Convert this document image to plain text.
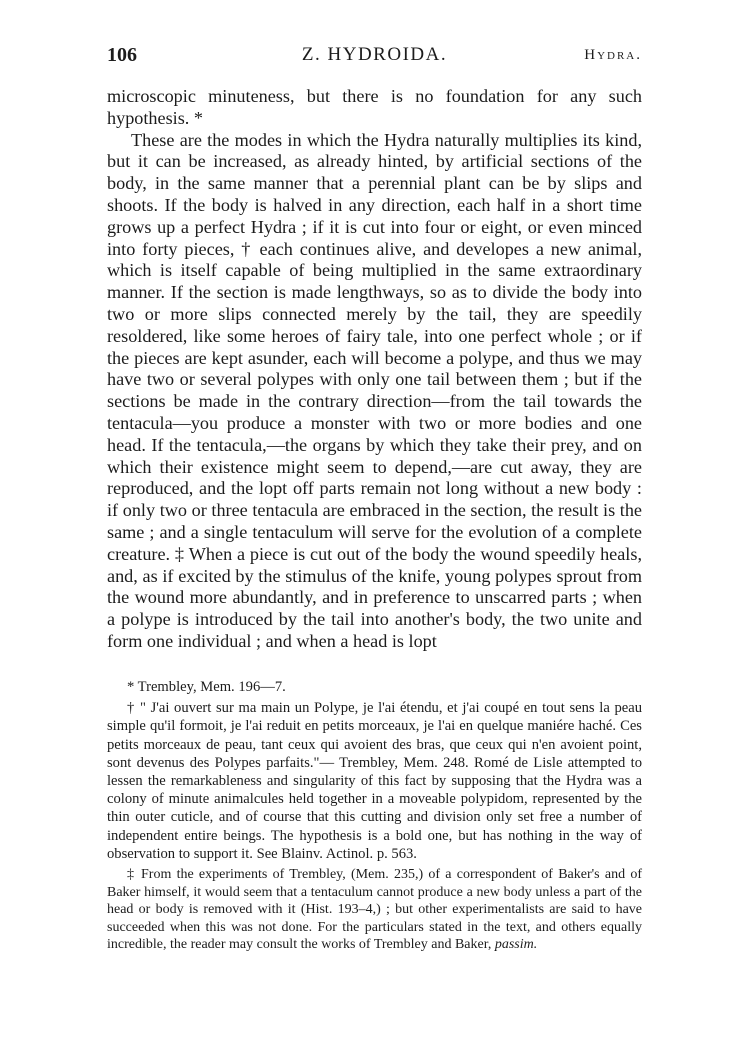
106	Z. HYDROIDA.	Hydra.

microscopic minuteness, but there is no foundation for any such hypothesis. *

These are the modes in which the Hydra naturally multiplies its kind, but it can be increased, as already hinted, by artificial sections of the body, in the same manner that a perennial plant can be by slips and shoots. If the body is halved in any direction, each half in a short time grows up a perfect Hydra ; if it is cut into four or eight, or even minced into forty pieces, † each continues alive, and developes a new animal, which is itself capable of being multiplied in the same extraordinary manner. If the section is made lengthways, so as to divide the body into two or more slips connected merely by the tail, they are speedily resoldered, like some heroes of fairy tale, into one perfect whole ; or if the pieces are kept asunder, each will become a polype, and thus we may have two or several polypes with only one tail between them ; but if the sections be made in the contrary direction—from the tail towards the tentacula—you produce a monster with two or more bodies and one head. If the tentacula,—the organs by which they take their prey, and on which their existence might seem to depend,—are cut away, they are reproduced, and the lopt off parts remain not long without a new body : if only two or three tentacula are embraced in the section, the result is the same ; and a single tentaculum will serve for the evolution of a complete creature. ‡ When a piece is cut out of the body the wound speedily heals, and, as if excited by the stimulus of the knife, young polypes sprout from the wound more abundantly, and in preference to unscarred parts ; when a polype is introduced by the tail into another's body, the two unite and form one individual ; and when a head is lopt

* Trembley, Mem. 196—7.

† " J'ai ouvert sur ma main un Polype, je l'ai étendu, et j'ai coupé en tout sens la peau simple qu'il formoit, je l'ai reduit en petits morceaux, je l'ai en quelque maniére haché. Ces petits morceaux de peau, tant ceux qui avoient des bras, que ceux qui n'en avoient point, sont devenus des Polypes parfaits."— Trembley, Mem. 248. Romé de Lisle attempted to lessen the remarkableness and singularity of this fact by supposing that the Hydra was a colony of minute animalcules held together in a moveable polypidom, represented by the thin outer cuticle, and of course that this cutting and division only set free a number of independent entire beings. The hypothesis is a bold one, but has nothing in the way of observation to support it. See Blainv. Actinol. p. 563.

‡ From the experiments of Trembley, (Mem. 235,) of a correspondent of Baker's and of Baker himself, it would seem that a tentaculum cannot produce a new body unless a part of the head or body is removed with it (Hist. 193–4,) ; but other experimentalists are said to have succeeded when this was not done. For the particulars stated in the text, and others equally incredible, the reader may consult the works of Trembley and Baker, passim.
